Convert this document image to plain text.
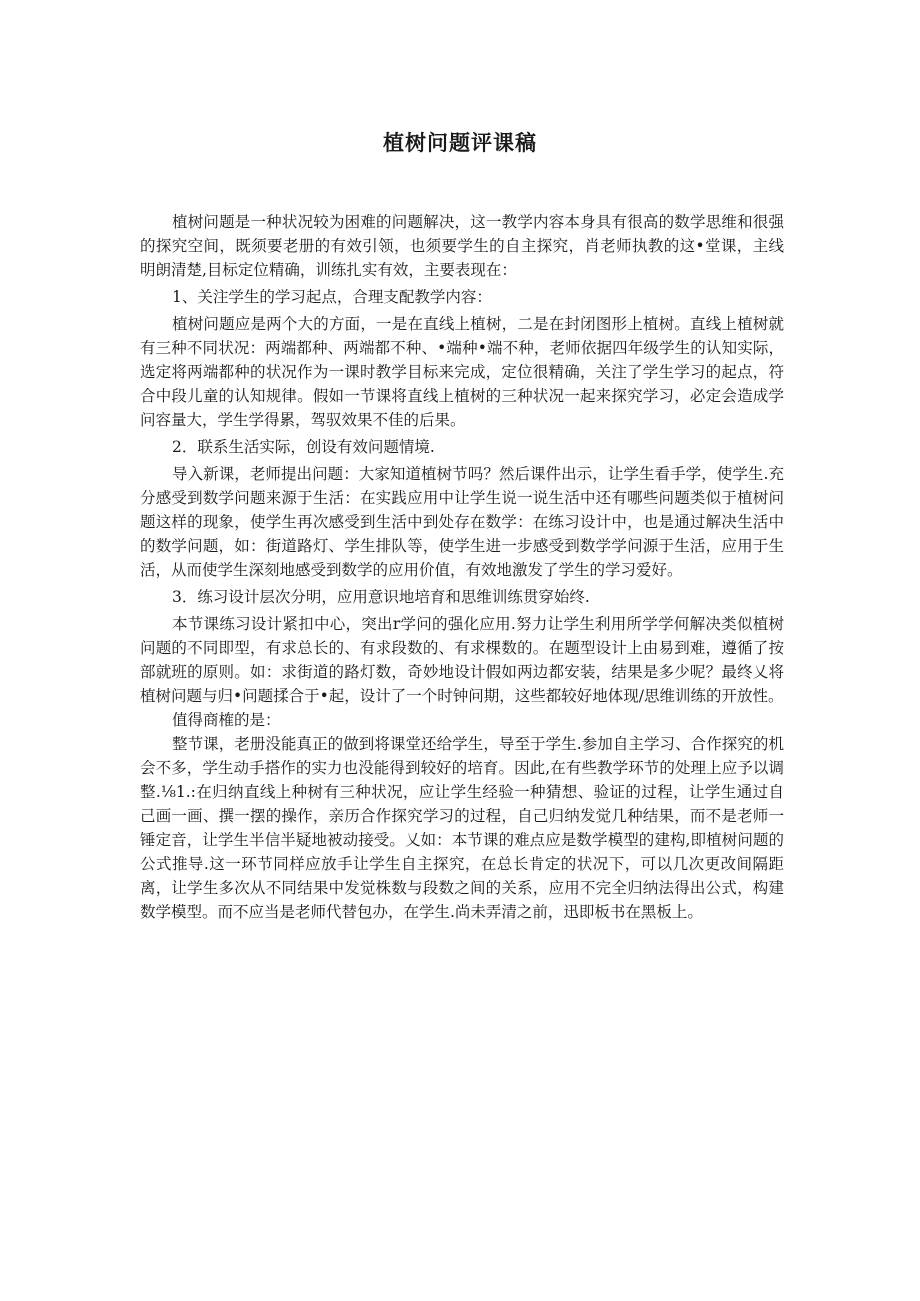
植树问题评课稿

植树问题是一种状况较为困难的问题解决，这一教学内容本身具有很高的数学思维和很强的探究空间，既须要老册的有效引领，也须要学生的自主探究，肖老师执教的这•堂课，主线明朗清楚,目标定位精确，训练扎实有效，主要表现在：

1、关注学生的学习起点，合理支配教学内容：

植树问题应是两个大的方面，一是在直线上植树，二是在封闭图形上植树。直线上植树就有三种不同状况：两端都种、两端都不种、•端种•端不种，老师依据四年级学生的认知实际，选定将两端都种的状况作为一课时教学目标来完成，定位很精确，关注了学生学习的起点，符合中段儿童的认知规律。假如一节课将直线上植树的三种状况一起来探究学习，必定会造成学问容量大，学生学得累，驾驭效果不佳的后果。

2．联系生活实际，创设有效问题情境.

导入新课，老师提出问题：大家知道植树节吗？然后课件出示，让学生看手学，使学生.充分感受到数学问题来源于生活：在实践应用中让学生说一说生活中还有哪些问题类似于植树问题这样的现象，使学生再次感受到生活中到处存在数学：在练习设计中，也是通过解决生活中的数学问题，如：街道路灯、学生排队等，使学生进一步感受到数学学问源于生活，应用于生活，从而使学生深刻地感受到数学的应用价值，有效地激发了学生的学习爱好。

3．练习设计层次分明，应用意识地培育和思维训练贯穿始终.

本节课练习设计紧扣中心，突出r学问的强化应用.努力让学生利用所学学何解决类似植树问题的不同即型，有求总长的、有求段数的、有求棵数的。在题型设计上由易到难，遵循了按部就班的原则。如：求街道的路灯数，奇妙地设计假如两边都安装，结果是多少呢？最终乂将植树问题与归•问题揉合于•起，设计了一个时钟问期，这些都较好地体现/思维训练的开放性。

值得商榷的是：

整节课，老册没能真正的做到将课堂还给学生，导至于学生.参加自主学习、合作探究的机会不多，学生动手搭作的实力也没能得到较好的培育。因此,在有些教学环节的处理上应予以调整.⅛1.:在归纳直线上种树有三种状况，应让学生经验一种猜想、验证的过程，让学生通过自己画一画、撰一摆的操作，亲历合作探究学习的过程，自己归纳发觉几种结果，而不是老师一锤定音，让学生半信半疑地被动接受。乂如：本节课的难点应是数学模型的建构,即植树问题的公式推导.这一环节同样应放手让学生自主探究，在总长肯定的状况下，可以几次更改间隔距离，让学生多次从不同结果中发觉株数与段数之间的关系，应用不完全归纳法得出公式，构建数学模型。而不应当是老师代替包办，在学生.尚未弄清之前，迅即板书在黑板上。
